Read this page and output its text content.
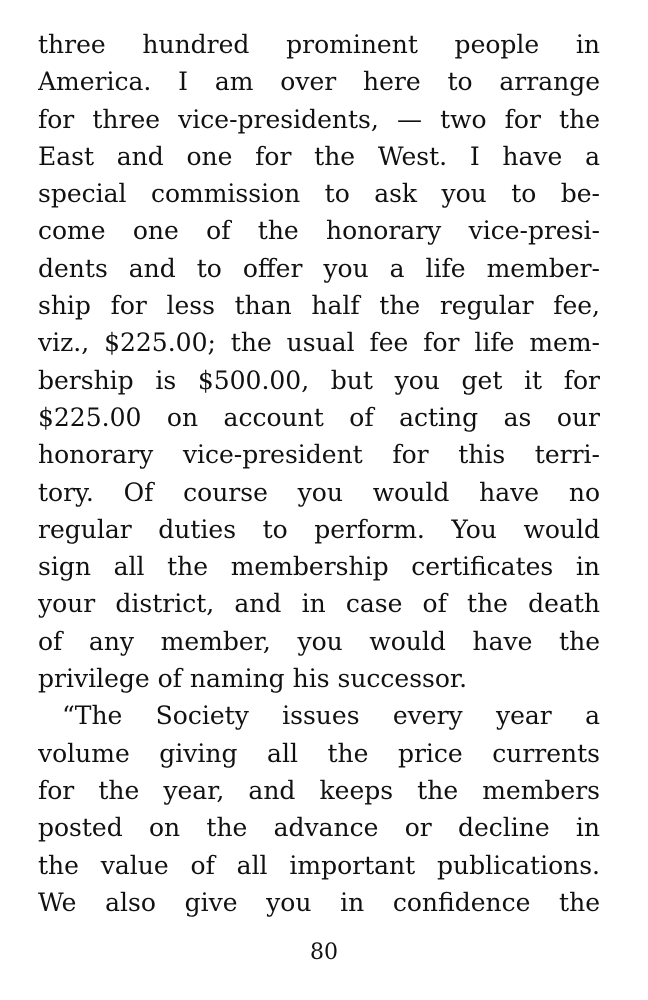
three hundred prominent people in
America. I am over here to arrange
for three vice-presidents, — two for the
East and one for the West. I have a
special commission to ask you to be-
come one of the honorary vice-presi-
dents and to offer you a life member-
ship for less than half the regular fee,
viz., $225.00; the usual fee for life mem-
bership is $500.00, but you get it for
$225.00 on account of acting as our
honorary vice-president for this terri-
tory. Of course you would have no
regular duties to perform. You would
sign all the membership certificates in
your district, and in case of the death
of any member, you would have the
privilege of naming his successor.
“The Society issues every year a
volume giving all the price currents
for the year, and keeps the members
posted on the advance or decline in
the value of all important publications.
We also give you in confidence the
80
